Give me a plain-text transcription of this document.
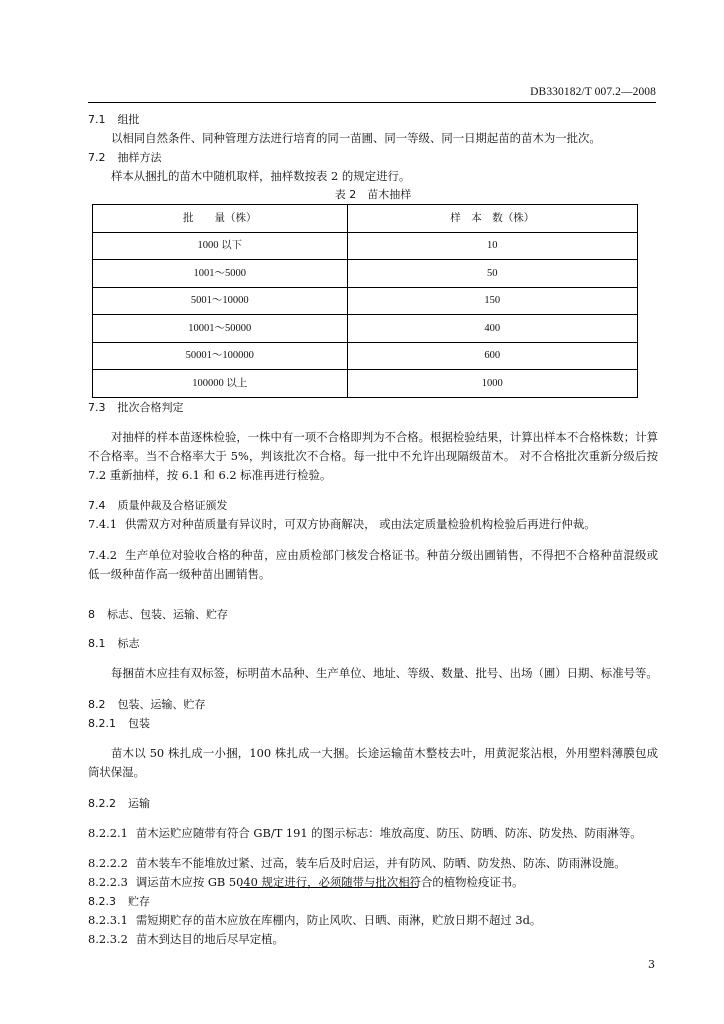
DB330182/T 007.2—2008

7.1 组批

以相同自然条件、同种管理方法进行培育的同一苗圃、同一等级、同一日期起苗的苗木为一批次。

7.2 抽样方法

样本从捆扎的苗木中随机取样，抽样数按表 2 的规定进行。

表 2　苗木抽样

批　　量（株）	样　本　数（株）
1000 以下	10
1001～5000	50
5001～10000	150
10001～50000	400
50001～100000	600
100000 以上	1000

7.3 批次合格判定

对抽样的样本苗逐株检验，一株中有一项不合格即判为不合格。根据检验结果，计算出样本不合格株数；计算不合格率。当不合格率大于 5%，判该批次不合格。每一批中不允许出现隔级苗木。 对不合格批次重新分级后按 7.2 重新抽样，按 6.1 和 6.2 标准再进行检验。

7.4 质量仲裁及合格证颁发

7.4.1 供需双方对种苗质量有异议时，可双方协商解决， 或由法定质量检验机构检验后再进行仲裁。

7.4.2 生产单位对验收合格的种苗，应由质检部门核发合格证书。种苗分级出圃销售，不得把不合格种苗混级或低一级种苗作高一级种苗出圃销售。

8 标志、包装、运输、贮存

8.1 标志

每捆苗木应挂有双标签，标明苗木品种、生产单位、地址、等级、数量、批号、出场（圃）日期、标准号等。

8.2 包装、运输、贮存

8.2.1 包装

苗木以 50 株扎成一小捆，100 株扎成一大捆。长途运输苗木整枝去叶，用黄泥浆沾根，外用塑料薄膜包成筒状保湿。

8.2.2 运输

8.2.2.1 苗木运贮应随带有符合 GB/T 191 的图示标志：堆放高度、防压、防晒、防冻、防发热、防雨淋等。

8.2.2.2 苗木装车不能堆放过紧、过高，装车后及时启运，并有防风、防晒、防发热、防冻、防雨淋设施。

8.2.2.3 调运苗木应按 GB 5040 规定进行，必须随带与批次相符合的植物检疫证书。

8.2.3 贮存

8.2.3.1 需短期贮存的苗木应放在库棚内，防止风吹、日晒、雨淋，贮放日期不超过 3d。

8.2.3.2 苗木到达目的地后尽早定植。

3
